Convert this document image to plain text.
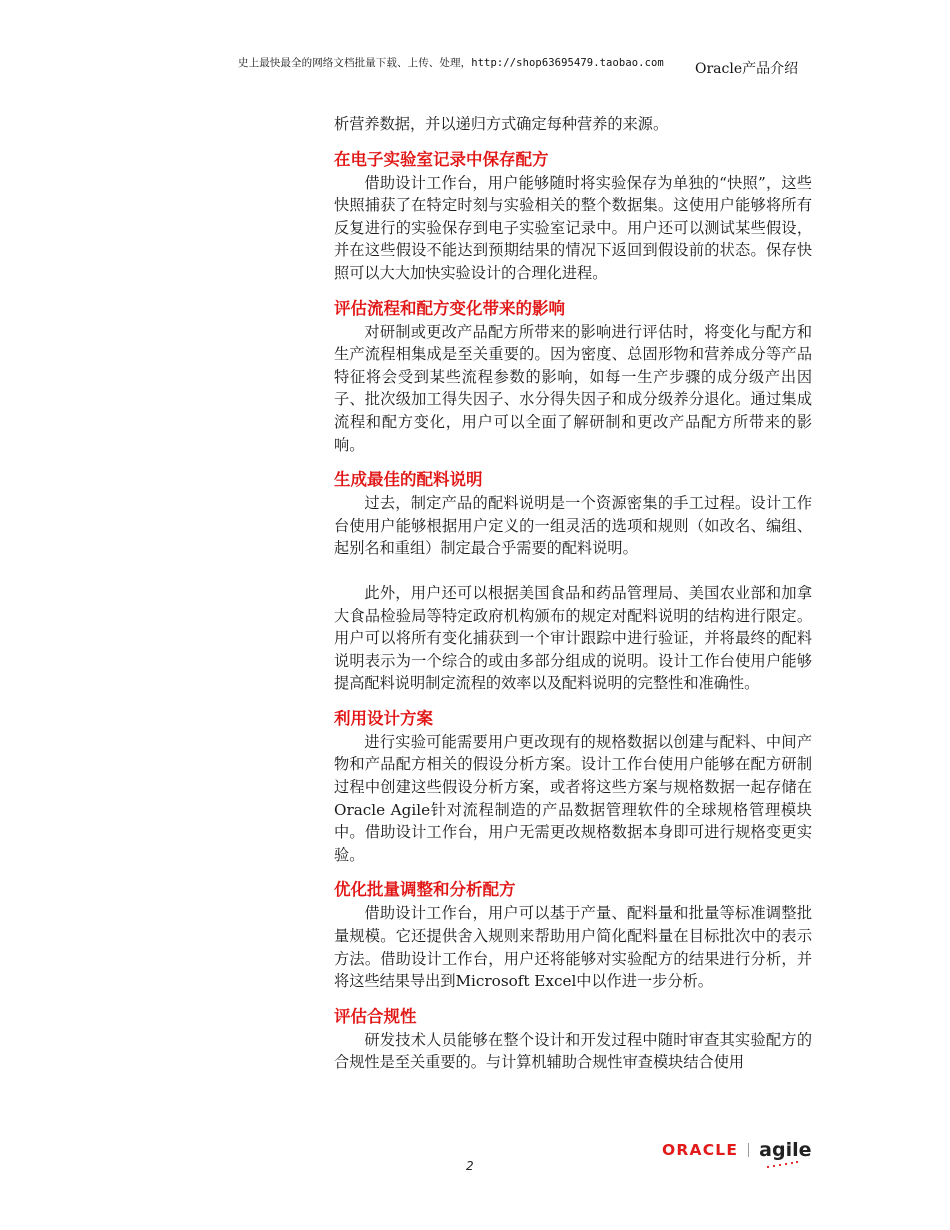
史上最快最全的网络文档批量下载、上传、处理，http://shop63695479.taobao.com Oracle产品介绍

析营养数据，并以递归方式确定每种营养的来源。

在电子实验室记录中保存配方

借助设计工作台，用户能够随时将实验保存为单独的“快照”，这些快照捕获了在特定时刻与实验相关的整个数据集。这使用户能够将所有反复进行的实验保存到电子实验室记录中。用户还可以测试某些假设，并在这些假设不能达到预期结果的情况下返回到假设前的状态。保存快照可以大大加快实验设计的合理化进程。

评估流程和配方变化带来的影响

对研制或更改产品配方所带来的影响进行评估时，将变化与配方和生产流程相集成是至关重要的。因为密度、总固形物和营养成分等产品特征将会受到某些流程参数的影响，如每一生产步骤的成分级产出因子、批次级加工得失因子、水分得失因子和成分级养分退化。通过集成流程和配方变化，用户可以全面了解研制和更改产品配方所带来的影响。

生成最佳的配料说明

过去，制定产品的配料说明是一个资源密集的手工过程。设计工作台使用户能够根据用户定义的一组灵活的选项和规则（如改名、编组、起别名和重组）制定最合乎需要的配料说明。

此外，用户还可以根据美国食品和药品管理局、美国农业部和加拿大食品检验局等特定政府机构颁布的规定对配料说明的结构进行限定。用户可以将所有变化捕获到一个审计跟踪中进行验证，并将最终的配料说明表示为一个综合的或由多部分组成的说明。设计工作台使用户能够提高配料说明制定流程的效率以及配料说明的完整性和准确性。

利用设计方案

进行实验可能需要用户更改现有的规格数据以创建与配料、中间产物和产品配方相关的假设分析方案。设计工作台使用户能够在配方研制过程中创建这些假设分析方案，或者将这些方案与规格数据一起存储在Oracle Agile针对流程制造的产品数据管理软件的全球规格管理模块中。借助设计工作台，用户无需更改规格数据本身即可进行规格变更实验。

优化批量调整和分析配方

借助设计工作台，用户可以基于产量、配料量和批量等标准调整批量规模。它还提供舍入规则来帮助用户简化配料量在目标批次中的表示方法。借助设计工作台，用户还将能够对实验配方的结果进行分析，并将这些结果导出到Microsoft Excel中以作进一步分析。

评估合规性

研发技术人员能够在整个设计和开发过程中随时审查其实验配方的合规性是至关重要的。与计算机辅助合规性审查模块结合使用

ORACLE agile
2
